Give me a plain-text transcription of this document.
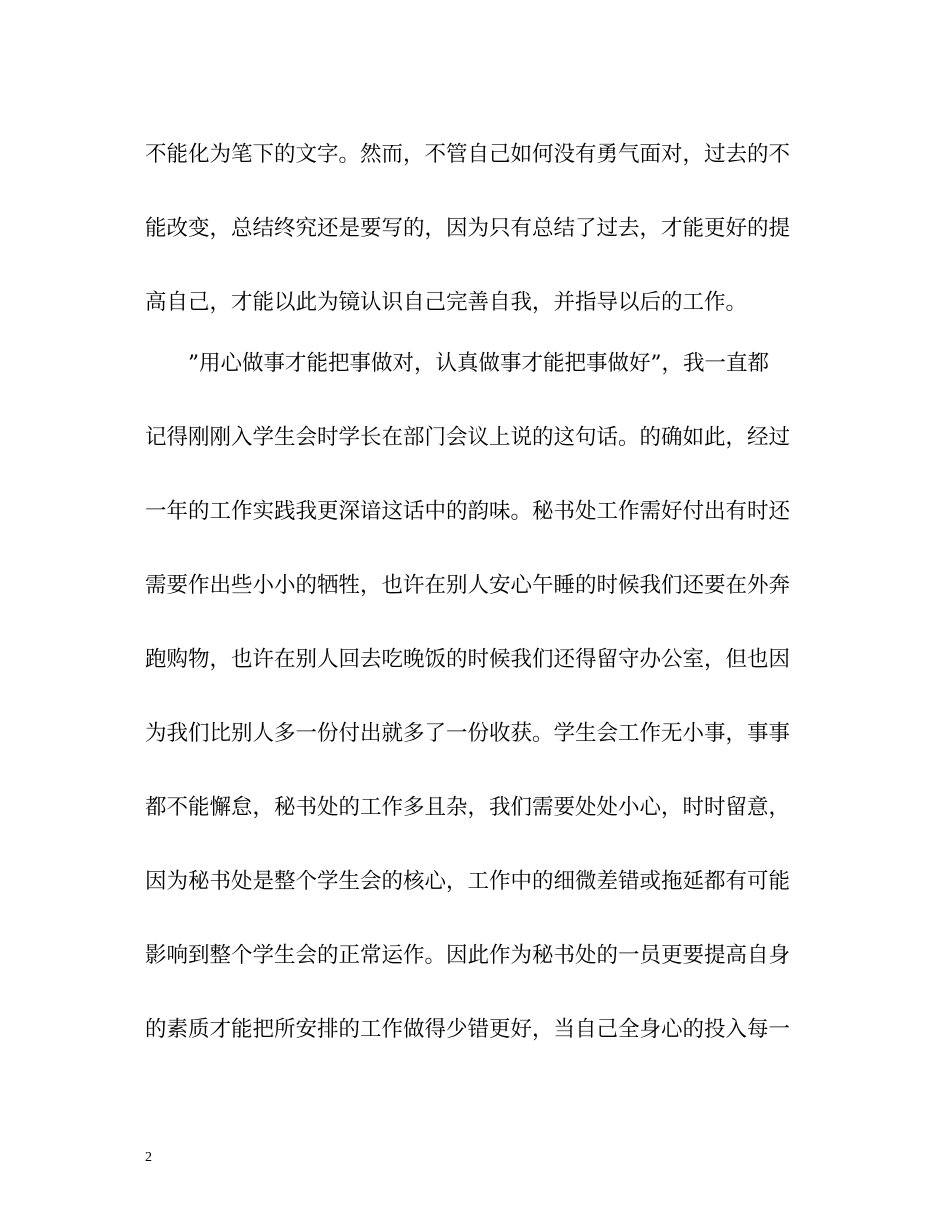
不能化为笔下的文字。然而，不管自己如何没有勇气面对，过去的不
能改变，总结终究还是要写的，因为只有总结了过去，才能更好的提
高自己，才能以此为镜认识自己完善自我，并指导以后的工作。
　　”用心做事才能把事做对，认真做事才能把事做好”，我一直都
记得刚刚入学生会时学长在部门会议上说的这句话。的确如此，经过
一年的工作实践我更深谙这话中的韵味。秘书处工作需好付出有时还
需要作出些小小的牺牲，也许在别人安心午睡的时候我们还要在外奔
跑购物，也许在别人回去吃晚饭的时候我们还得留守办公室，但也因
为我们比别人多一份付出就多了一份收获。学生会工作无小事，事事
都不能懈怠，秘书处的工作多且杂，我们需要处处小心，时时留意，
因为秘书处是整个学生会的核心，工作中的细微差错或拖延都有可能
影响到整个学生会的正常运作。因此作为秘书处的一员更要提高自身
的素质才能把所安排的工作做得少错更好，当自己全身心的投入每一
2
